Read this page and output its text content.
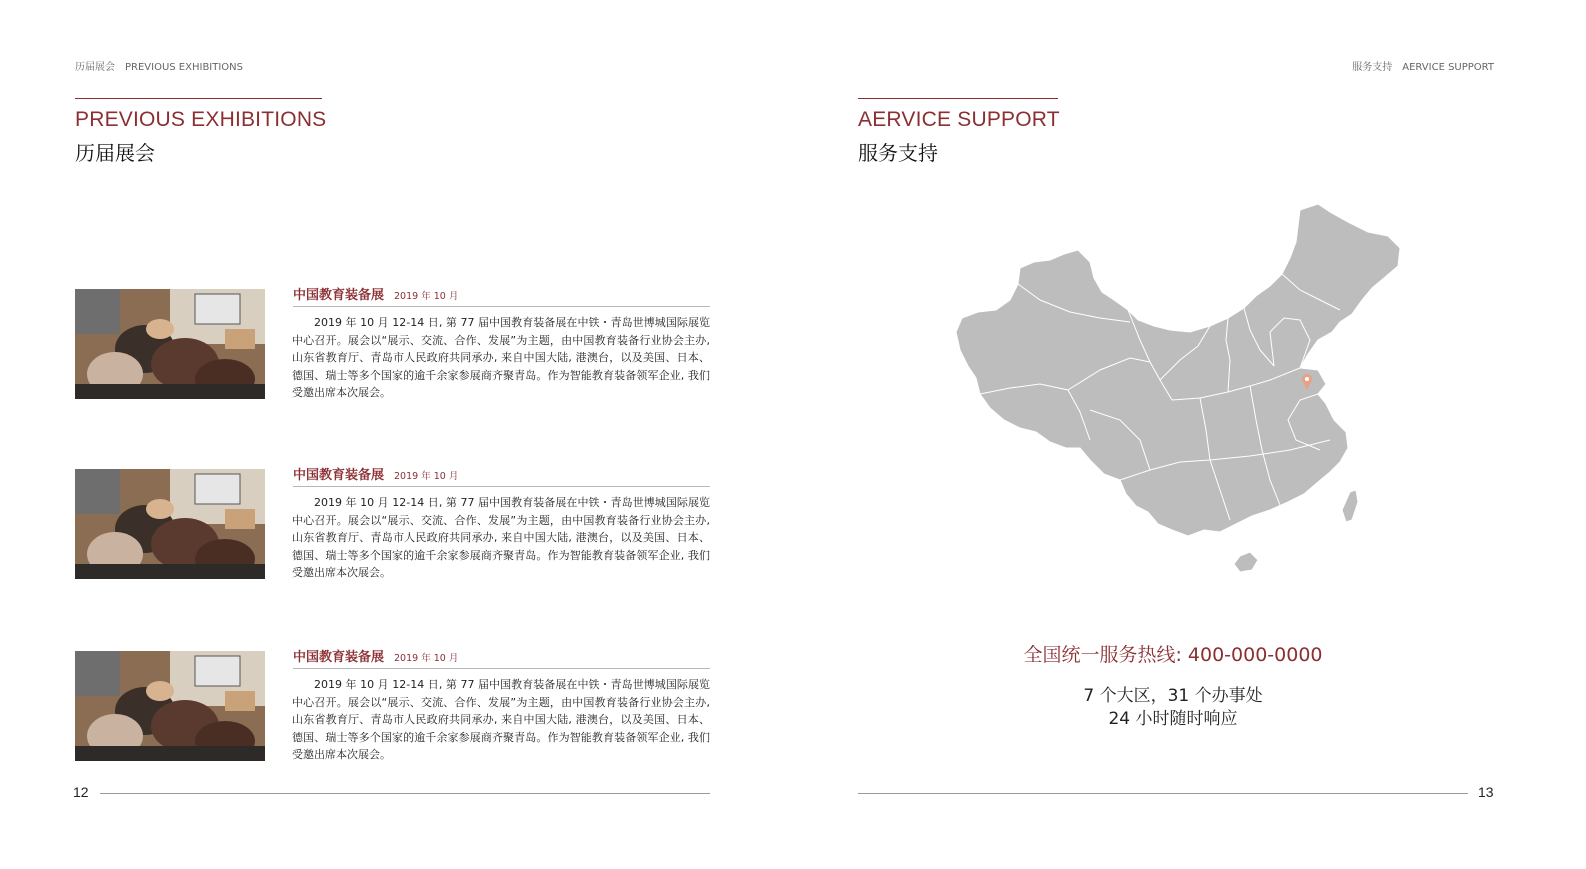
历届展会 PREVIOUS EXHIBITIONS
PREVIOUS EXHIBITIONS
历届展会
中国教育装备展 2019 年 10 月
2019 年 10 月 12-14 日, 第 77 届中国教育装备展在中铁・青岛世博城国际展览中心召开。展会以“展示、交流、合作、发展”为主题，由中国教育装备行业协会主办, 山东省教育厅、青岛市人民政府共同承办, 来自中国大陆, 港澳台，以及美国、日本、德国、瑞士等多个国家的逾千余家参展商齐聚青岛。作为智能教育装备领军企业, 我们受邀出席本次展会。
中国教育装备展 2019 年 10 月
2019 年 10 月 12-14 日, 第 77 届中国教育装备展在中铁・青岛世博城国际展览中心召开。展会以“展示、交流、合作、发展”为主题，由中国教育装备行业协会主办, 山东省教育厅、青岛市人民政府共同承办, 来自中国大陆, 港澳台，以及美国、日本、德国、瑞士等多个国家的逾千余家参展商齐聚青岛。作为智能教育装备领军企业, 我们受邀出席本次展会。
中国教育装备展 2019 年 10 月
2019 年 10 月 12-14 日, 第 77 届中国教育装备展在中铁・青岛世博城国际展览中心召开。展会以“展示、交流、合作、发展”为主题，由中国教育装备行业协会主办, 山东省教育厅、青岛市人民政府共同承办, 来自中国大陆, 港澳台，以及美国、日本、德国、瑞士等多个国家的逾千余家参展商齐聚青岛。作为智能教育装备领军企业, 我们受邀出席本次展会。
12
服务支持 AERVICE SUPPORT
AERVICE SUPPORT
服务支持
全国统一服务热线: 400-000-0000
7 个大区，31 个办事处
24 小时随时响应
13
